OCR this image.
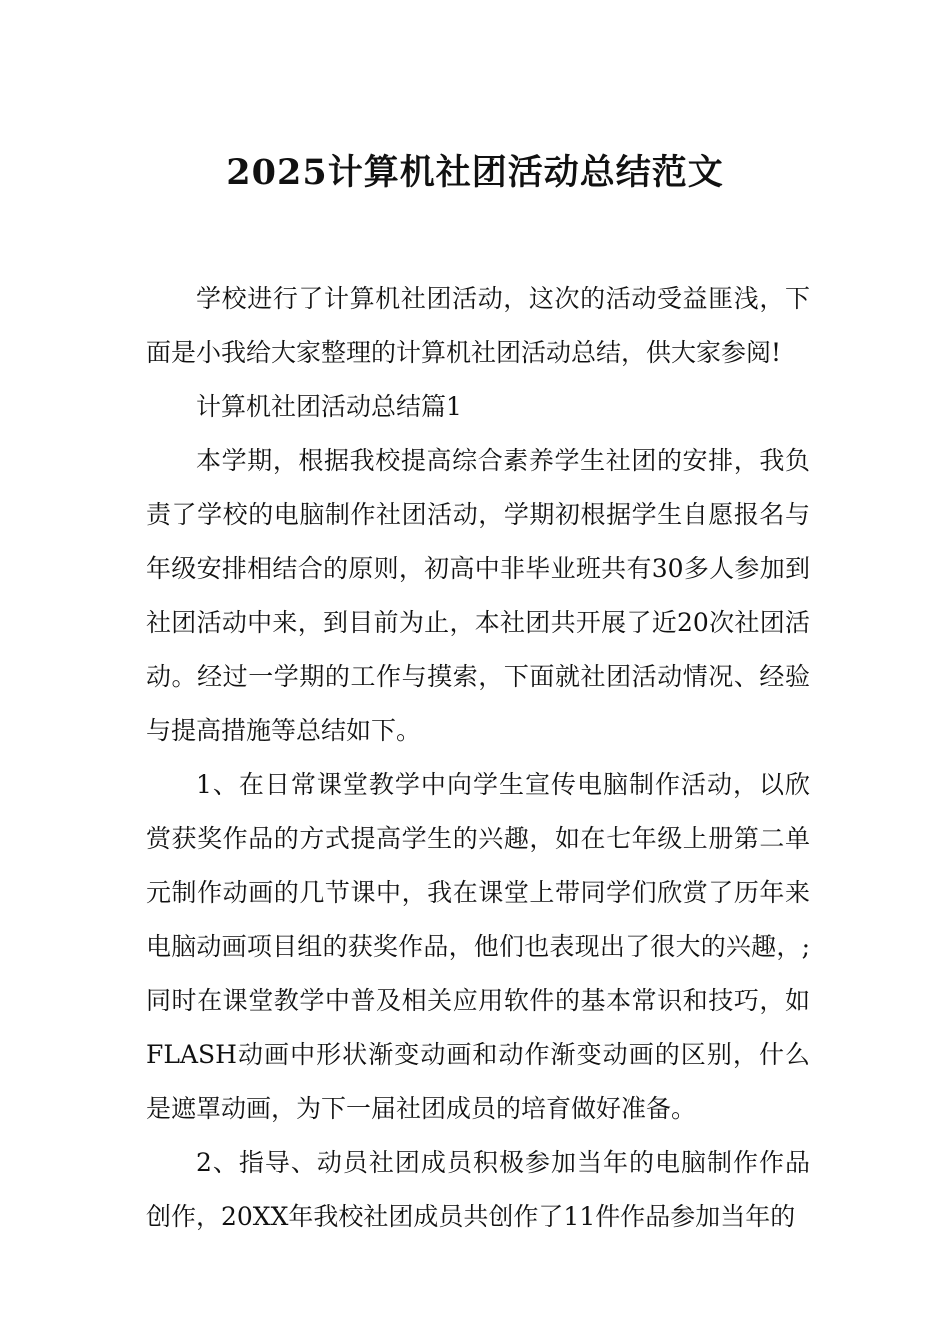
2025计算机社团活动总结范文

学校进行了计算机社团活动，这次的活动受益匪浅，下面是小我给大家整理的计算机社团活动总结，供大家参阅!

计算机社团活动总结篇1

本学期，根据我校提高综合素养学生社团的安排，我负责了学校的电脑制作社团活动，学期初根据学生自愿报名与年级安排相结合的原则，初高中非毕业班共有30多人参加到社团活动中来，到目前为止，本社团共开展了近20次社团活动。经过一学期的工作与摸索，下面就社团活动情况、经验与提高措施等总结如下。

1、在日常课堂教学中向学生宣传电脑制作活动，以欣赏获奖作品的方式提高学生的兴趣，如在七年级上册第二单元制作动画的几节课中，我在课堂上带同学们欣赏了历年来电脑动画项目组的获奖作品，他们也表现出了很大的兴趣，;同时在课堂教学中普及相关应用软件的基本常识和技巧，如FLASH动画中形状渐变动画和动作渐变动画的区别，什么是遮罩动画，为下一届社团成员的培育做好准备。

2、指导、动员社团成员积极参加当年的电脑制作作品创作，20XX年我校社团成员共创作了11件作品参加当年的
